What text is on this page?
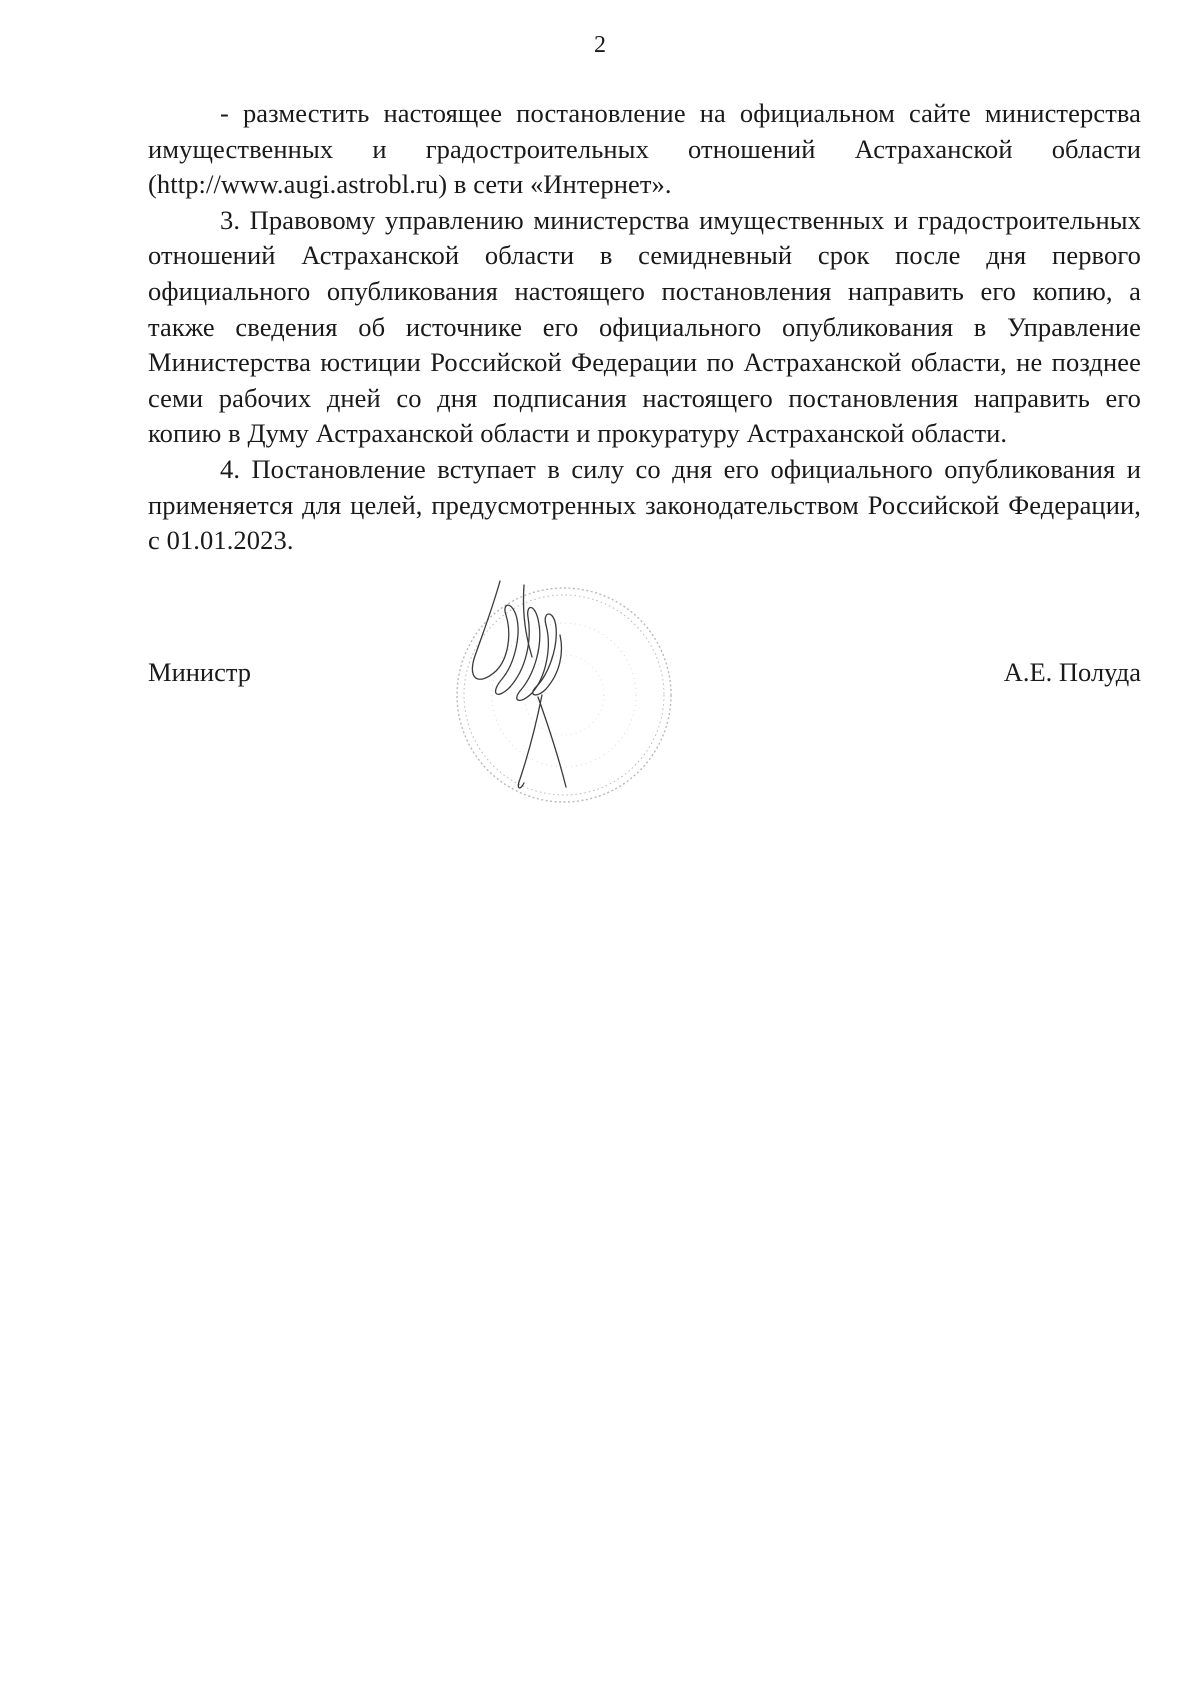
2

- разместить настоящее постановление на официальном сайте министерства имущественных и градостроительных отношений Астраханской области (http://www.augi.astrobl.ru) в сети «Интернет».

3. Правовому управлению министерства имущественных и градостроительных отношений Астраханской области в семидневный срок после дня первого официального опубликования настоящего постановления направить его копию, а также сведения об источнике его официального опубликования в Управление Министерства юстиции Российской Федерации по Астраханской области, не позднее семи рабочих дней со дня подписания настоящего постановления направить его копию в Думу Астраханской области и прокуратуру Астраханской области.

4. Постановление вступает в силу со дня его официального опубликования и применяется для целей, предусмотренных законодательством Российской Федерации, с 01.01.2023.

Министр	А.Е. Полуда
